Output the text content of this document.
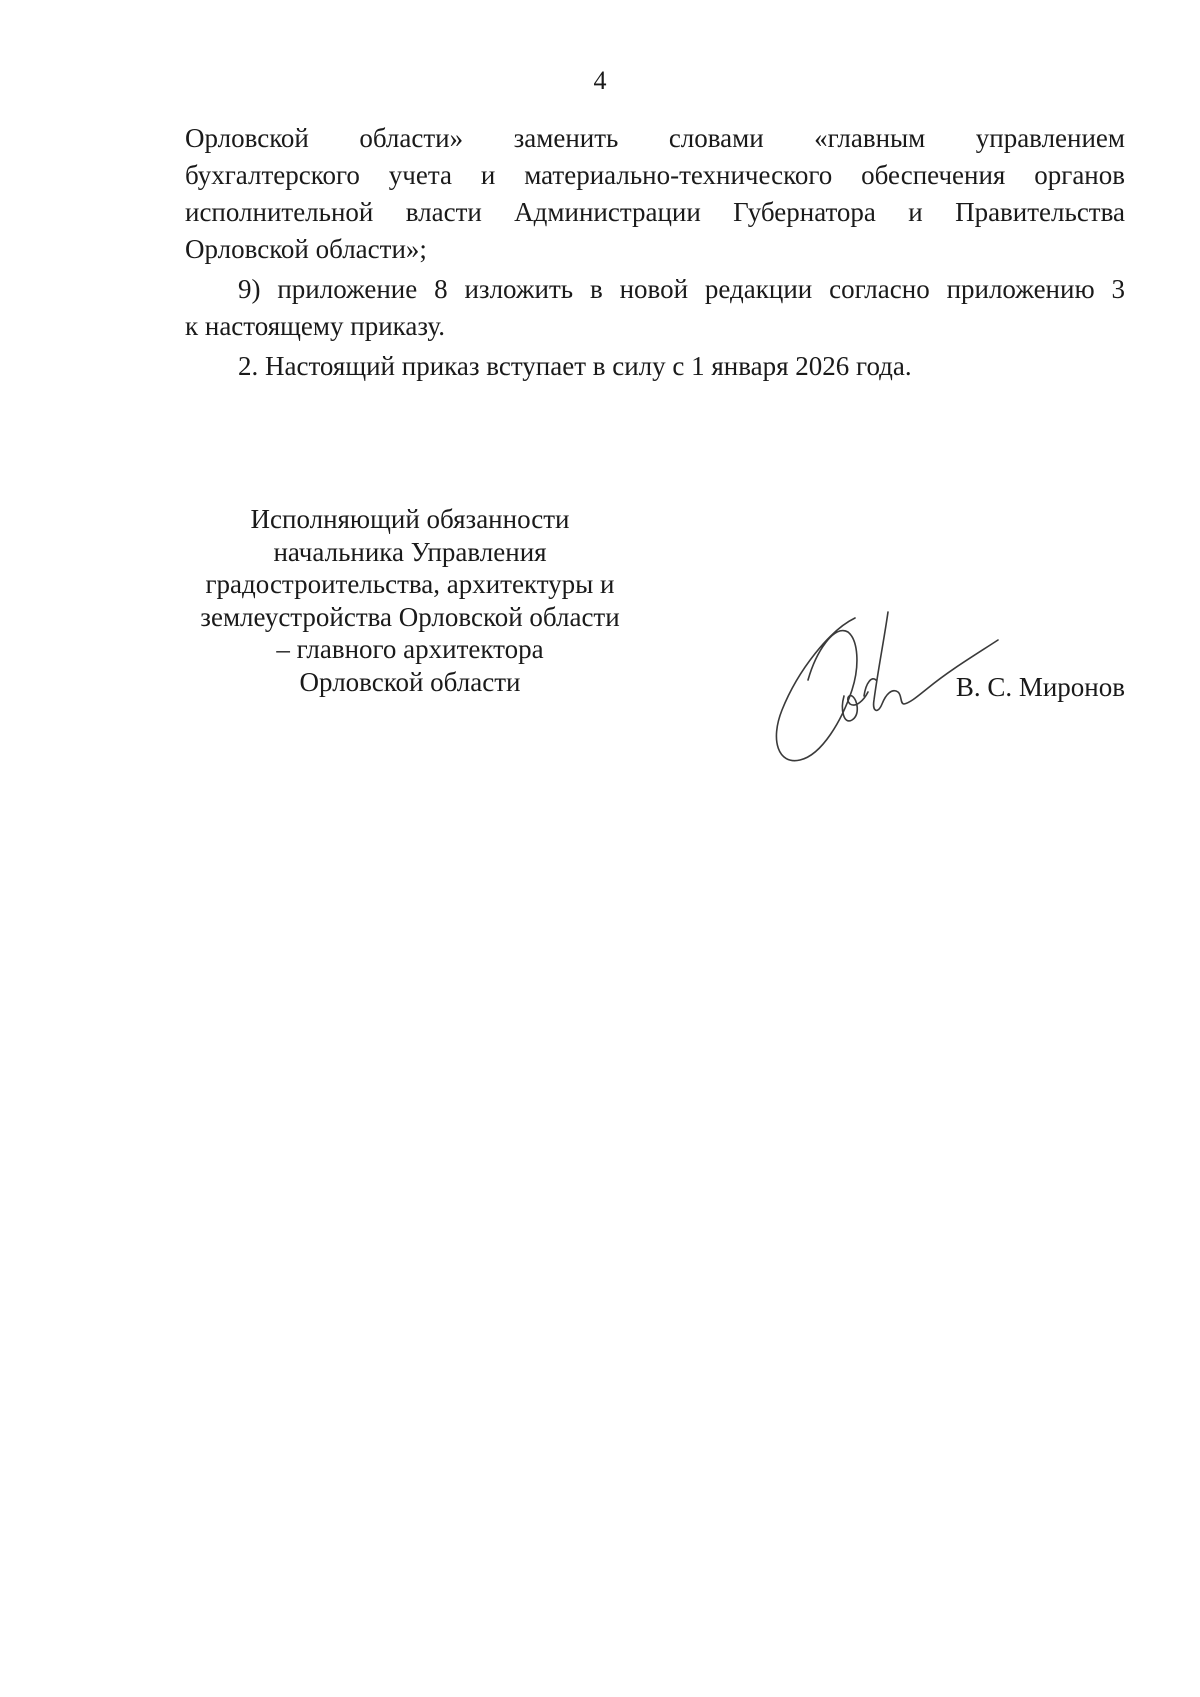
4

Орловской области» заменить словами «главным управлением

бухгалтерского учета и материально-технического обеспечения органов

исполнительной власти Администрации Губернатора и Правительства

Орловской области»;

9) приложение 8 изложить в новой редакции согласно приложению 3

к настоящему приказу.

2. Настоящий приказ вступает в силу с 1 января 2026 года.

Исполняющий обязанности
начальника Управления
градостроительства, архитектуры и
землеустройства Орловской области
– главного архитектора
Орловской области	В. С. Миронов
